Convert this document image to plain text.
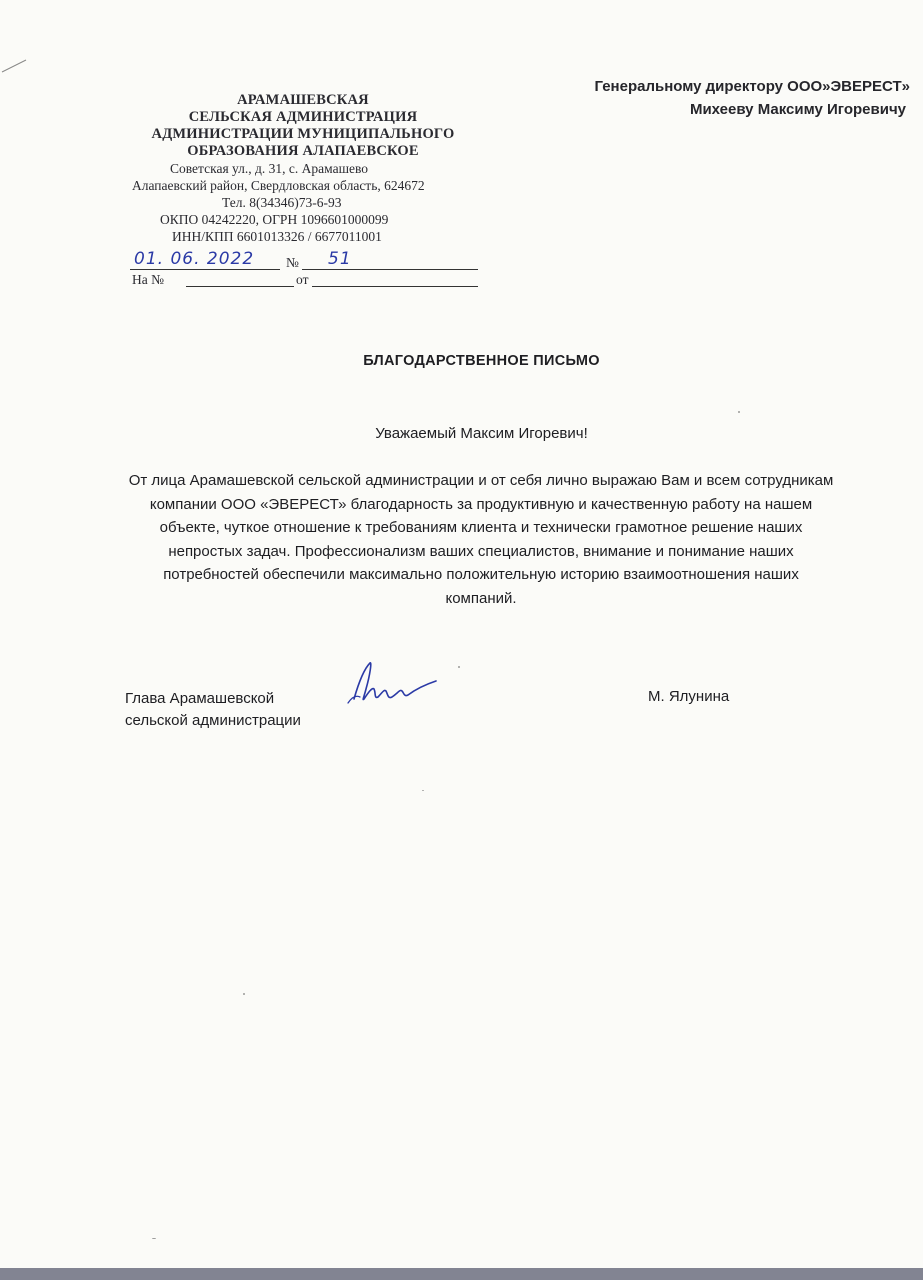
Генеральному директору ООО»ЭВЕРЕСТ»
Михееву Максиму Игоревичу
АРАМАШЕВСКАЯ
СЕЛЬСКАЯ АДМИНИСТРАЦИЯ
АДМИНИСТРАЦИИ МУНИЦИПАЛЬНОГО
ОБРАЗОВАНИЯ АЛАПАЕВСКОЕ
Советская ул., д. 31, с. Арамашево
Алапаевский район, Свердловская область, 624672
Тел. 8(34346)73-6-93
ОКПО 04242220, ОГРН 1096601000099
ИНН/КПП 6601013326 / 6677011001
01. 06. 2022 № 51
На №	от
БЛАГОДАРСТВЕННОЕ ПИСЬМО
Уважаемый Максим Игоревич!
От лица Арамашевской сельской администрации и от себя лично выражаю Вам и всем сотрудникам компании ООО «ЭВЕРЕСТ» благодарность за продуктивную и качественную работу на нашем объекте, чуткое отношение к требованиям клиента и технически грамотное решение наших непростых задач. Профессионализм ваших специалистов, внимание и понимание наших потребностей обеспечили максимально положительную историю взаимоотношения наших компаний.
Глава Арамашевской
сельской администрации
М. Ялунина
